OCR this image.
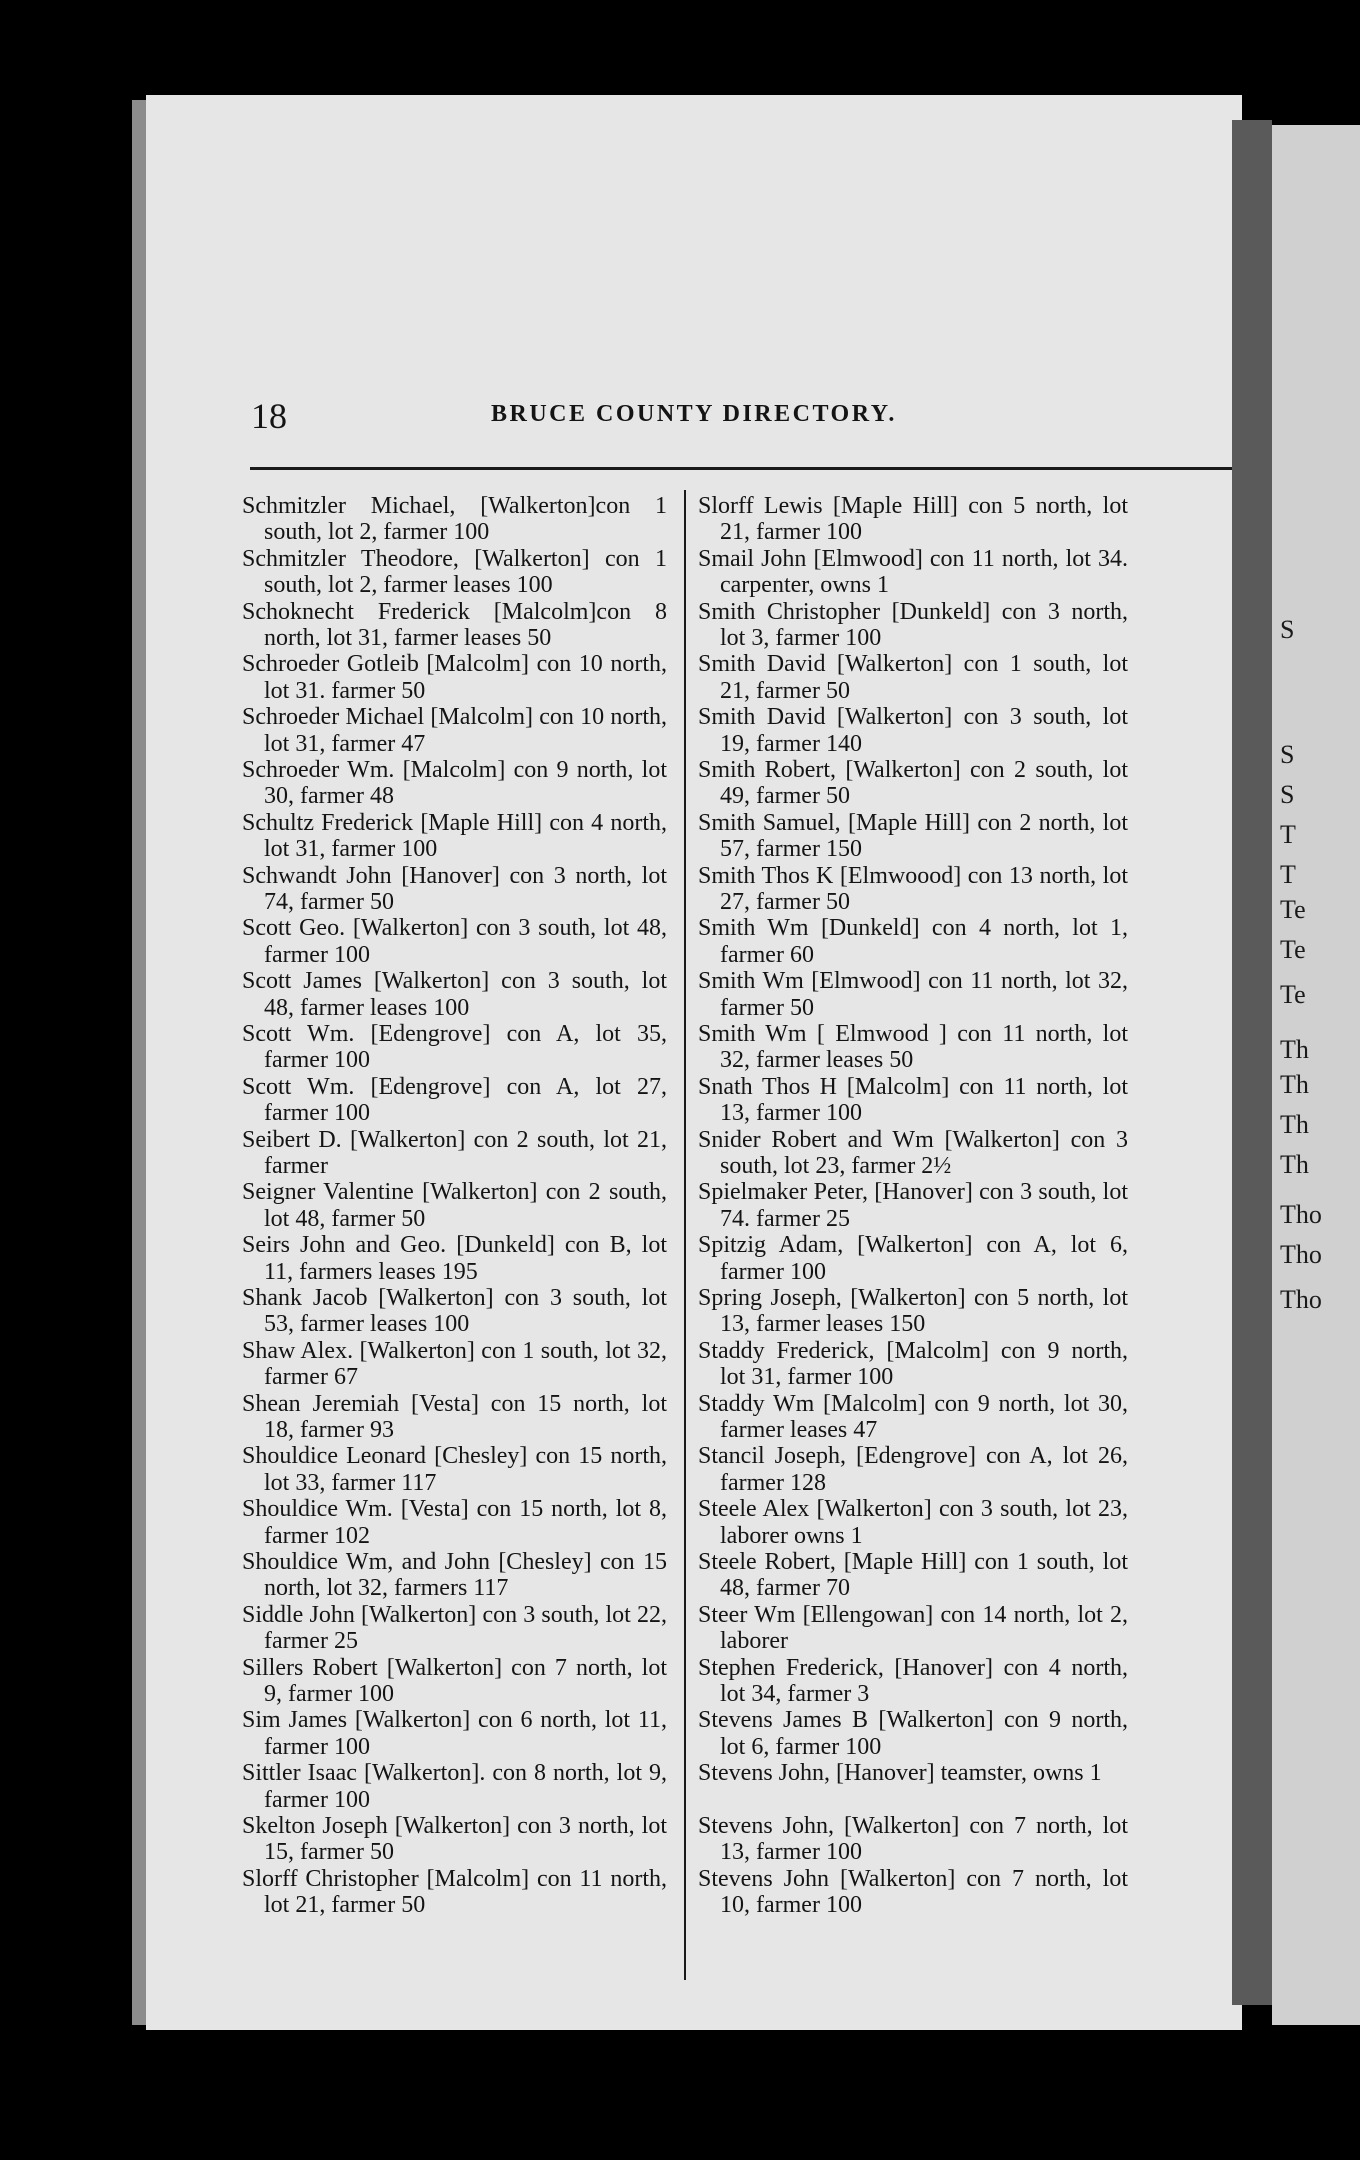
18	BRUCE COUNTY DIRECTORY.

Schmitzler Michael, [Walkerton]con 1 south, lot 2, farmer 100

Schmitzler Theodore, [Walkerton] con 1 south, lot 2, farmer leases 100

Schoknecht Frederick [Malcolm]con 8 north, lot 31, farmer leases 50

Schroeder Gotleib [Malcolm] con 10 north, lot 31. farmer 50

Schroeder Michael [Malcolm] con 10 north, lot 31, farmer 47

Schroeder Wm. [Malcolm] con 9 north, lot 30, farmer 48

Schultz Frederick [Maple Hill] con 4 north, lot 31, farmer 100

Schwandt John [Hanover] con 3 north, lot 74, farmer 50

Scott Geo. [Walkerton] con 3 south, lot 48, farmer 100

Scott James [Walkerton] con 3 south, lot 48, farmer leases 100

Scott Wm. [Edengrove] con A, lot 35, farmer 100

Scott Wm. [Edengrove] con A, lot 27, farmer 100

Seibert D. [Walkerton] con 2 south, lot 21, farmer

Seigner Valentine [Walkerton] con 2 south, lot 48, farmer 50

Seirs John and Geo. [Dunkeld] con B, lot 11, farmers leases 195

Shank Jacob [Walkerton] con 3 south, lot 53, farmer leases 100

Shaw Alex. [Walkerton] con 1 south, lot 32, farmer 67

Shean Jeremiah [Vesta] con 15 north, lot 18, farmer 93

Shouldice Leonard [Chesley] con 15 north, lot 33, farmer 117

Shouldice Wm. [Vesta] con 15 north, lot 8, farmer 102

Shouldice Wm, and John [Chesley] con 15 north, lot 32, farmers 117

Siddle John [Walkerton] con 3 south, lot 22, farmer 25

Sillers Robert [Walkerton] con 7 north, lot 9, farmer 100

Sim James [Walkerton] con 6 north, lot 11, farmer 100

Sittler Isaac [Walkerton]. con 8 north, lot 9, farmer 100

Skelton Joseph [Walkerton] con 3 north, lot 15, farmer 50

Slorff Christopher [Malcolm] con 11 north, lot 21, farmer 50

Slorff Lewis [Maple Hill] con 5 north, lot 21, farmer 100

Smail John [Elmwood] con 11 north, lot 34. carpenter, owns 1

Smith Christopher [Dunkeld] con 3 north, lot 3, farmer 100

Smith David [Walkerton] con 1 south, lot 21, farmer 50

Smith David [Walkerton] con 3 south, lot 19, farmer 140

Smith Robert, [Walkerton] con 2 south, lot 49, farmer 50

Smith Samuel, [Maple Hill] con 2 north, lot 57, farmer 150

Smith Thos K [Elmwoood] con 13 north, lot 27, farmer 50

Smith Wm [Dunkeld] con 4 north, lot 1, farmer 60

Smith Wm [Elmwood] con 11 north, lot 32, farmer 50

Smith Wm [ Elmwood ] con 11 north, lot 32, farmer leases 50

Snath Thos H [Malcolm] con 11 north, lot 13, farmer 100

Snider Robert and Wm [Walkerton] con 3 south, lot 23, farmer 2½

Spielmaker Peter, [Hanover] con 3 south, lot 74. farmer 25

Spitzig Adam, [Walkerton] con A, lot 6, farmer 100

Spring Joseph, [Walkerton] con 5 north, lot 13, farmer leases 150

Staddy Frederick, [Malcolm] con 9 north, lot 31, farmer 100

Staddy Wm [Malcolm] con 9 north, lot 30, farmer leases 47

Stancil Joseph, [Edengrove] con A, lot 26, farmer 128

Steele Alex [Walkerton] con 3 south, lot 23, laborer owns 1

Steele Robert, [Maple Hill] con 1 south, lot 48, farmer 70

Steer Wm [Ellengowan] con 14 north, lot 2, laborer

Stephen Frederick, [Hanover] con 4 north, lot 34, farmer 3

Stevens James B [Walkerton] con 9 north, lot 6, farmer 100

Stevens John, [Hanover] teamster, owns 1

Stevens John, [Walkerton] con 7 north, lot 13, farmer 100

Stevens John [Walkerton] con 7 north, lot 10, farmer 100

S
S
S
T
T
Te
Te
Te
Th
Th
Th
Th
Tho
Tho
Tho
